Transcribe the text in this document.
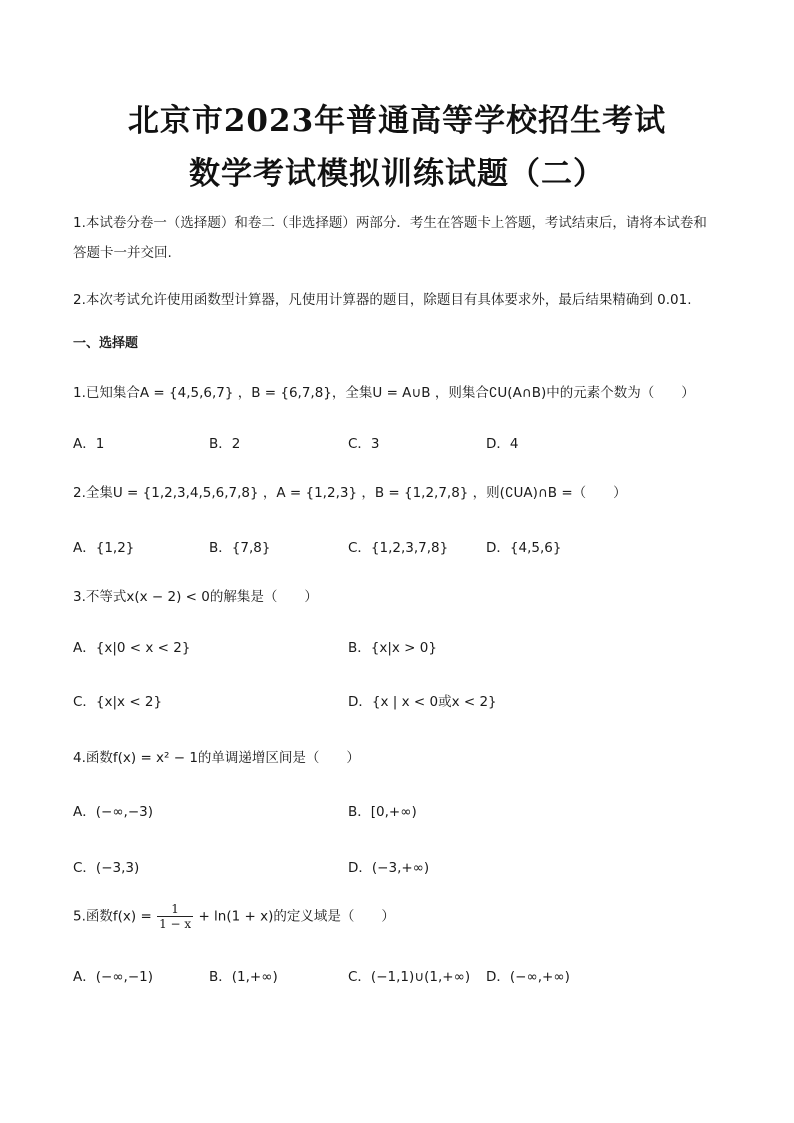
北京市2023年普通高等学校招生考试
数学考试模拟训练试题（二）
1.本试卷分卷一（选择题）和卷二（非选择题）两部分．考生在答题卡上答题，考试结束后，请将本试卷和
答题卡一并交回.
2.本次考试允许使用函数型计算器，凡使用计算器的题目，除题目有具体要求外，最后结果精确到 0.01.
一、选择题
1.已知集合A = {4,5,6,7} ，B = {6,7,8}，全集U = A∪B ，则集合∁U(A∩B)中的元素个数为（　　）
A．1	B．2	C．3	D．4
2.全集U = {1,2,3,4,5,6,7,8} ，A = {1,2,3} ，B = {1,2,7,8} ，则(∁UA)∩B =（　　）
A．{1,2}	B．{7,8}	C．{1,2,3,7,8}	D．{4,5,6}
3.不等式x(x − 2) < 0的解集是（　　）
A．{x|0 < x < 2}	B．{x|x > 0}
C．{x|x < 2}	D．{x | x < 0或x < 2}
4.函数f(x) = x² − 1的单调递增区间是（　　）
A．(−∞,−3)	B．[0,+∞)
C．(−3,3)	D．(−3,+∞)
5.函数$f(x) = \frac{1}{1 - x} + \ln(1 + x)$的定义域是（　　）
A．(−∞,−1)	B．(1,+∞)	C．(−1,1)∪(1,+∞) D．(−∞,+∞)
